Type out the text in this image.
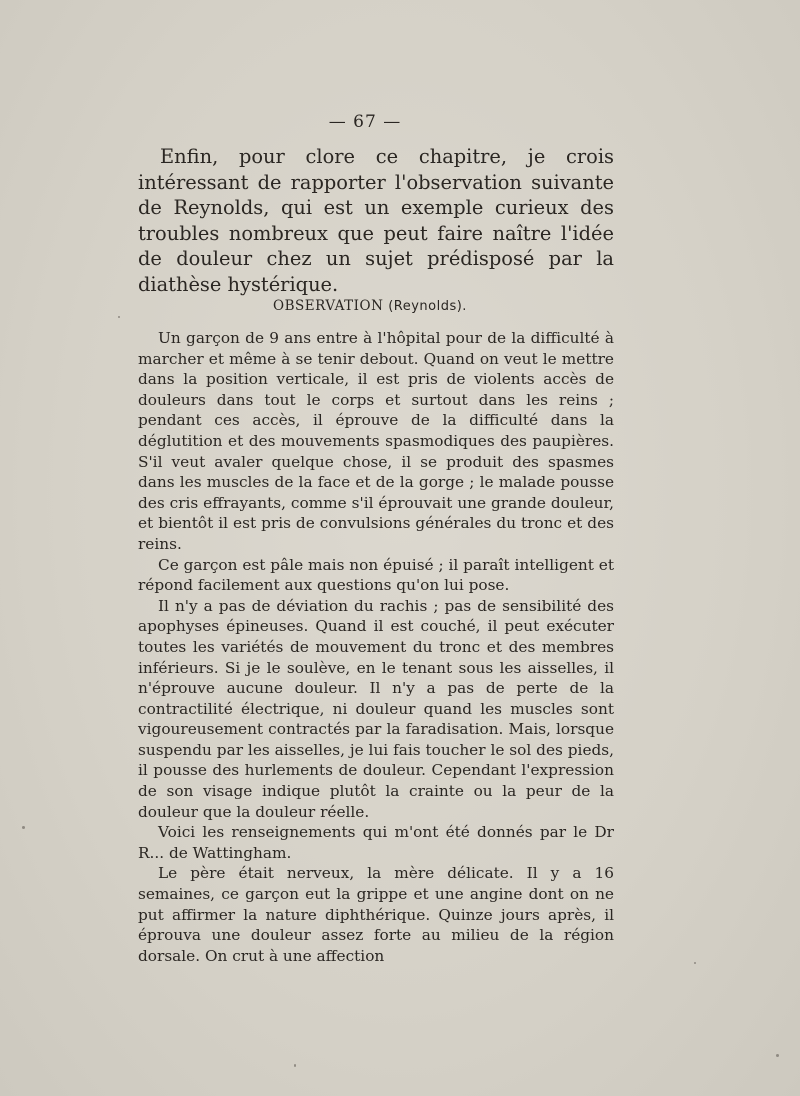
— 67 —

Enfin, pour clore ce chapitre, je crois intéressant de rapporter l'observation suivante de Reynolds, qui est un exemple curieux des troubles nombreux que peut faire naître l'idée de douleur chez un sujet prédisposé par la diathèse hystérique.

OBSERVATION (Reynolds).

Un garçon de 9 ans entre à l'hôpital pour de la difficulté à marcher et même à se tenir debout. Quand on veut le mettre dans la position verticale, il est pris de violents accès de douleurs dans tout le corps et surtout dans les reins ; pendant ces accès, il éprouve de la difficulté dans la déglutition et des mouvements spasmodiques des paupières. S'il veut avaler quelque chose, il se produit des spasmes dans les muscles de la face et de la gorge ; le malade pousse des cris effrayants, comme s'il éprouvait une grande douleur, et bientôt il est pris de convulsions générales du tronc et des reins.

Ce garçon est pâle mais non épuisé ; il paraît intelligent et répond facilement aux questions qu'on lui pose.

Il n'y a pas de déviation du rachis ; pas de sensibilité des apophyses épineuses. Quand il est couché, il peut exécuter toutes les variétés de mouvement du tronc et des membres inférieurs. Si je le soulève, en le tenant sous les aisselles, il n'éprouve aucune douleur. Il n'y a pas de perte de la contractilité électrique, ni douleur quand les muscles sont vigoureusement contractés par la faradisation. Mais, lorsque suspendu par les aisselles, je lui fais toucher le sol des pieds, il pousse des hurlements de douleur. Cependant l'expression de son visage indique plutôt la crainte ou la peur de la douleur que la douleur réelle.

Voici les renseignements qui m'ont été donnés par le Dr R... de Wattingham.

Le père était nerveux, la mère délicate. Il y a 16 semaines, ce garçon eut la grippe et une angine dont on ne put affirmer la nature diphthérique. Quinze jours après, il éprouva une douleur assez forte au milieu de la région dorsale. On crut à une affection
